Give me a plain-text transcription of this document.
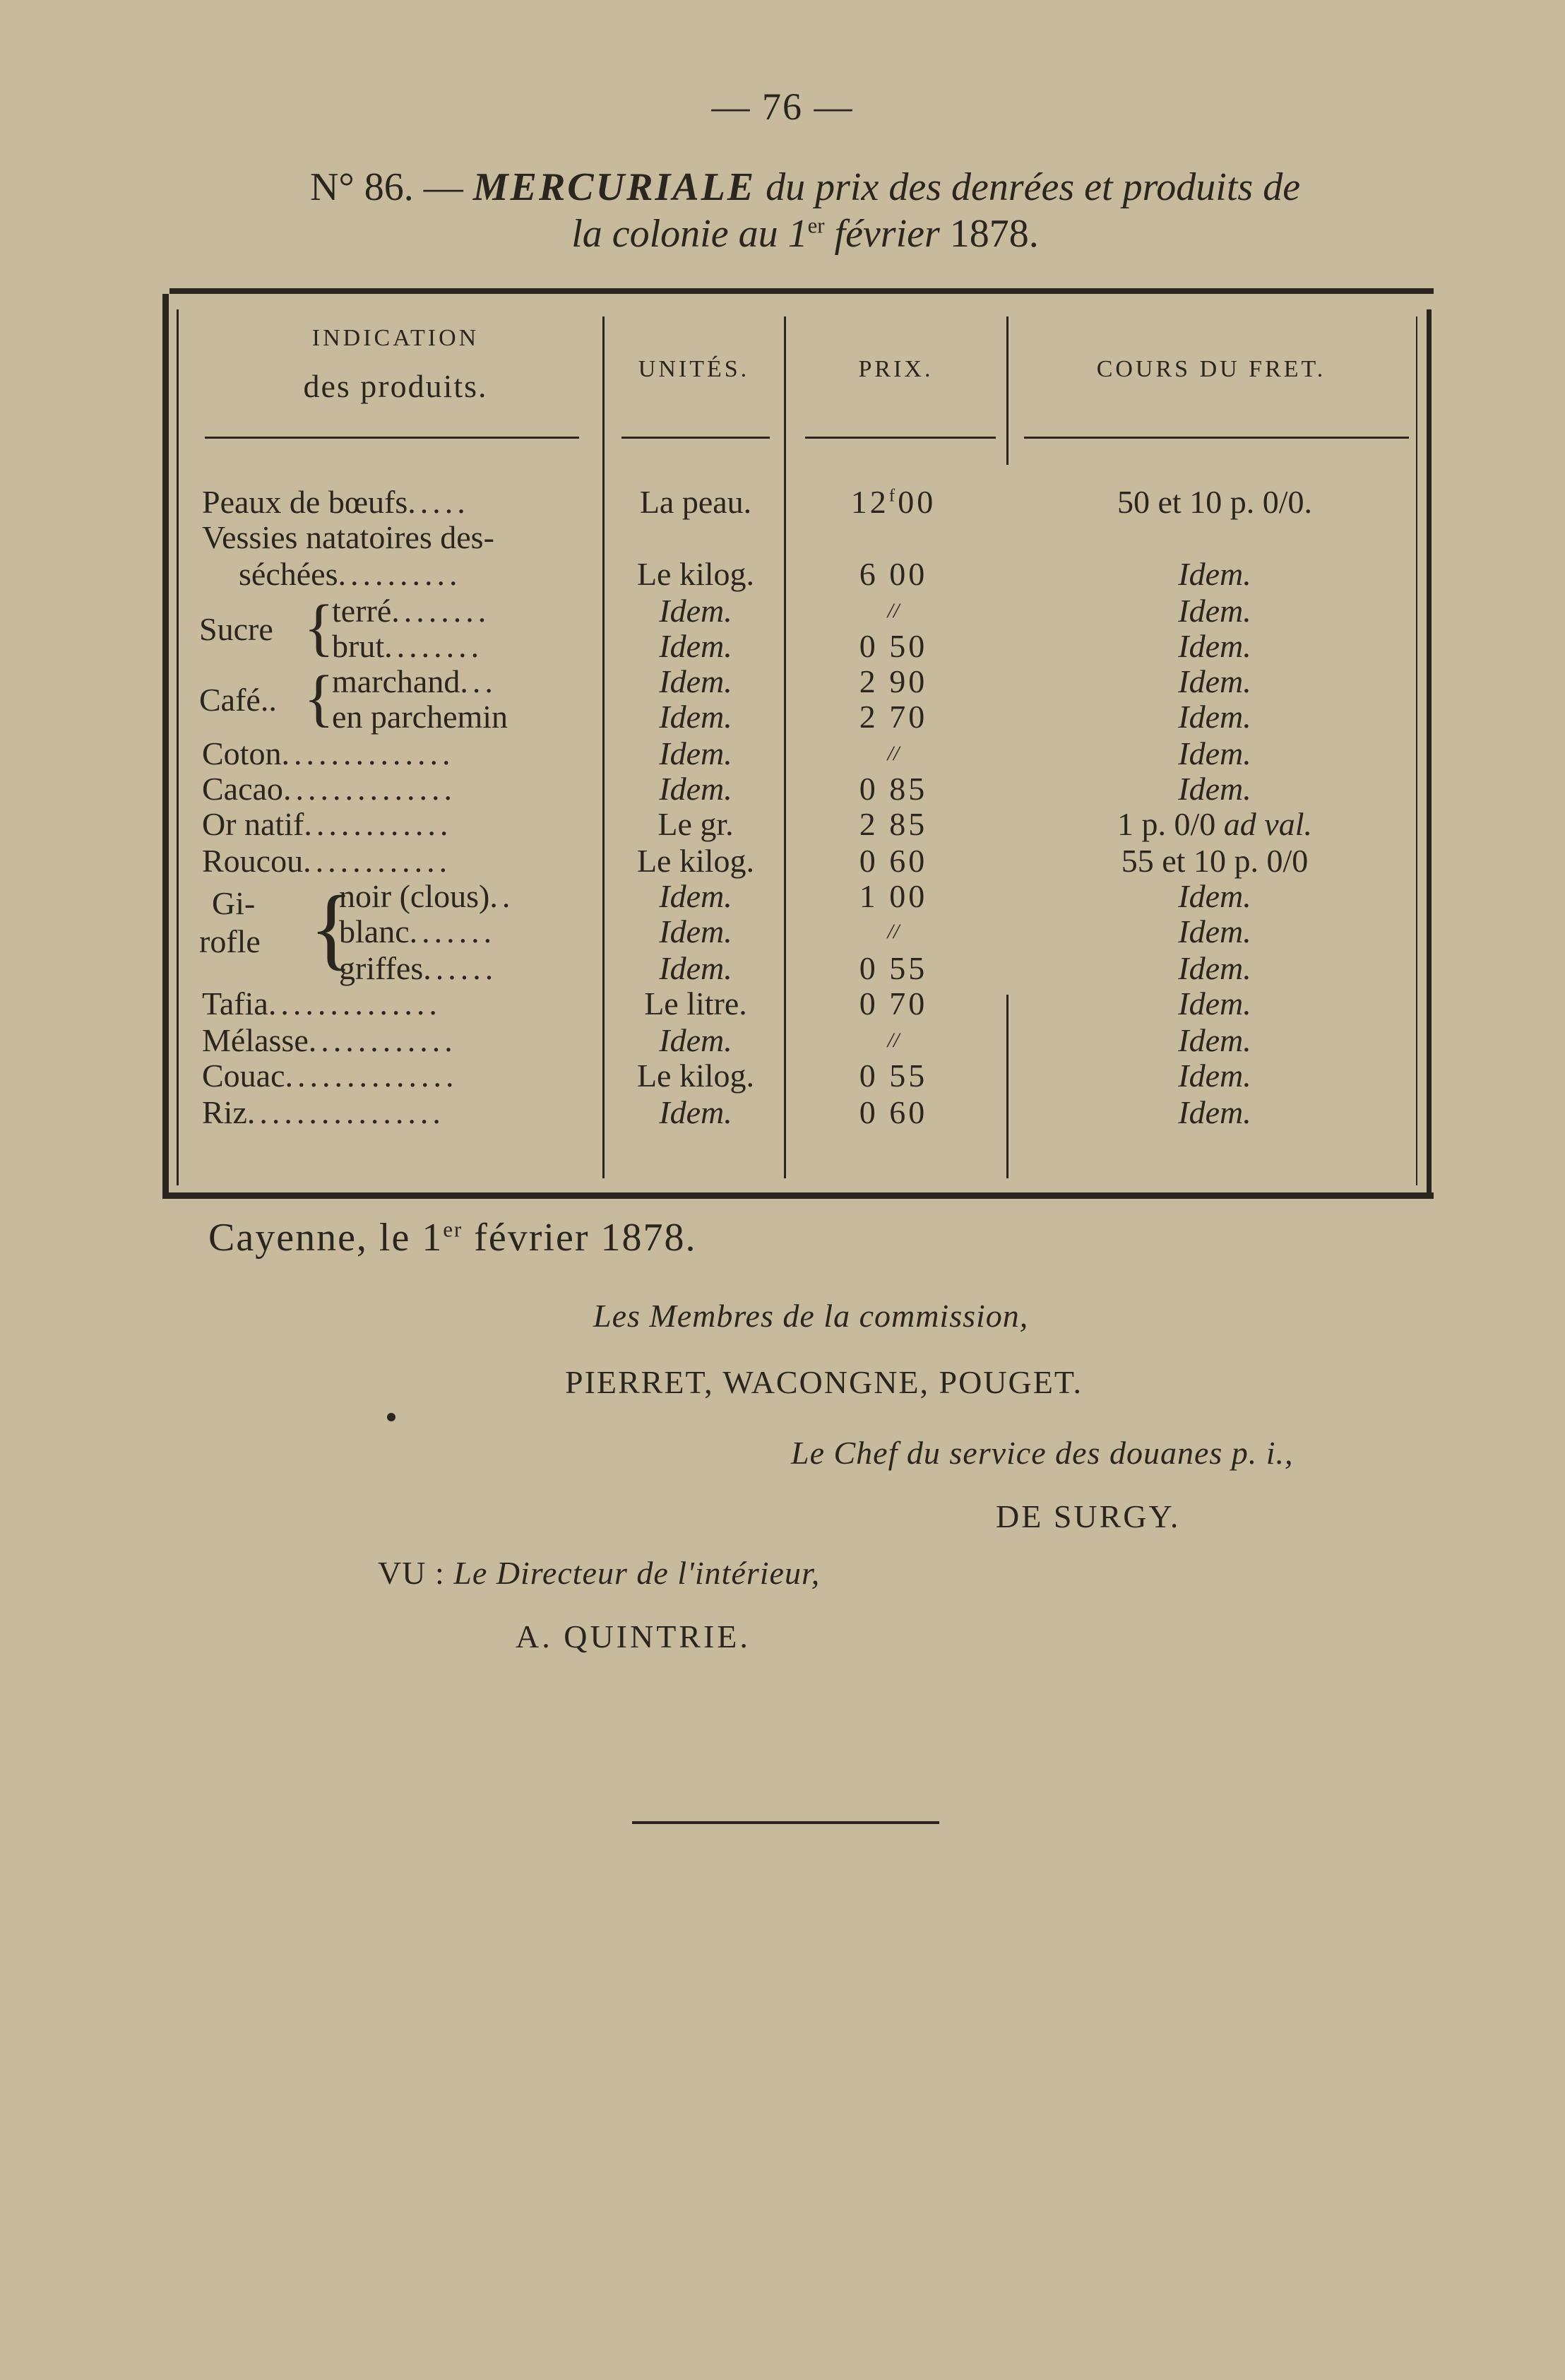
— 76 —
N° 86. — MERCURIALE du prix des denrées et produits de
la colonie au 1er février 1878.
INDICATION
des produits.	UNITÉS.	PRIX.	COURS DU FRET.
Peaux de bœufs.....	La peau.	12$^f$00	50 et 10 p. 0/0.
Vessies natatoires des-
séchées..........	Le kilog.	6 00	Idem.
Sucre {
terré........	Idem.	//	Idem.
brut........	Idem.	0 50	Idem.
Café.. {
marchand...	Idem.	2 90	Idem.
en parchemin	Idem.	2 70	Idem.
Coton..............	Idem.	//	Idem.
Cacao..............	Idem.	0 85	Idem.
Or natif............	Le gr.	2 85	1 p. 0/0 ad val.
Roucou............	Le kilog.	0 60	55 et 10 p. 0/0
Gi- {
noir (clous)..	Idem.	1 00	Idem.
rofle blanc.......	Idem.	//	Idem.
griffes......	Idem.	0 55	Idem.
Tafia..............	Le litre.	0 70	Idem.
Mélasse............	Idem.	//	Idem.
Couac..............	Le kilog.	0 55	Idem.
Riz................	Idem.	0 60	Idem.
Cayenne, le 1er février 1878.
Les Membres de la commission,
PIERRET, WACONGNE, POUGET.
Le Chef du service des douanes p. i.,
DE SURGY.
VU : Le Directeur de l'intérieur,
A. QUINTRIE.
